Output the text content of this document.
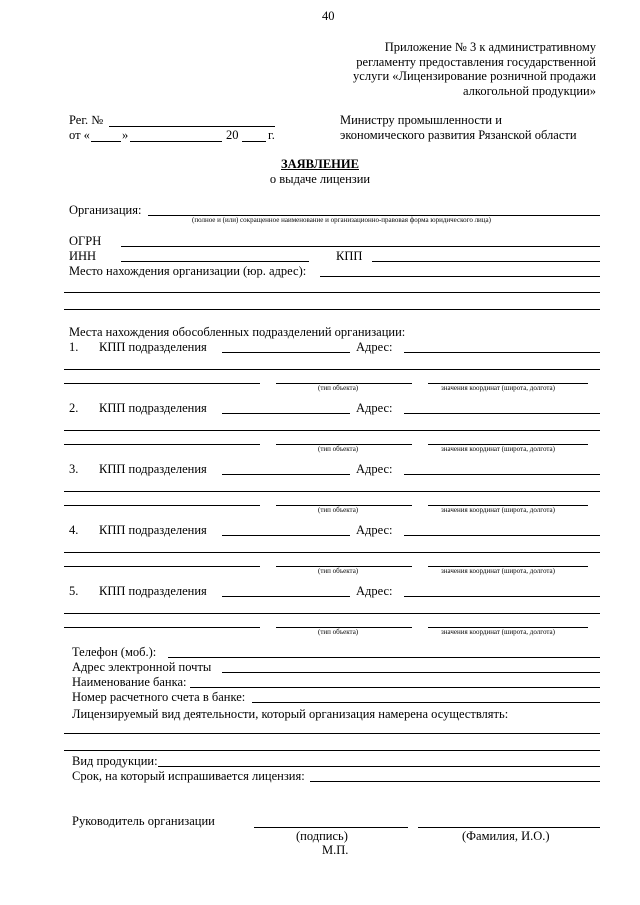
40
Приложение № 3 к административному
регламенту предоставления государственной
услуги «Лицензирование розничной продажи
алкогольной продукции»
Рег. №
от «	»	20 г.
Министру промышленности и
экономического развития Рязанской области
ЗАЯВЛЕНИЕ
о выдаче лицензии
Организация:
(полное и (или) сокращенное наименование и организационно-правовая форма юридического лица)
ОГРН
ИНН	КПП
Место нахождения организации (юр. адрес):
Места нахождения обособленных подразделений организации:
1. КПП подразделения	Адрес:
(тип объекта)	значения координат (широта, долгота)
2. КПП подразделения	Адрес:
(тип объекта)	значения координат (широта, долгота)
3. КПП подразделения	Адрес:
(тип объекта)	значения координат (широта, долгота)
4. КПП подразделения	Адрес:
(тип объекта)	значения координат (широта, долгота)
5. КПП подразделения	Адрес:
(тип объекта)	значения координат (широта, долгота)
Телефон (моб.):
Адрес электронной почты
Наименование банка:
Номер расчетного счета в банке:
Лицензируемый вид деятельности, который организация намерена осуществлять:
Вид продукции:
Срок, на который испрашивается лицензия:
Руководитель организации
(подпись)	(Фамилия, И.О.)
М.П.
